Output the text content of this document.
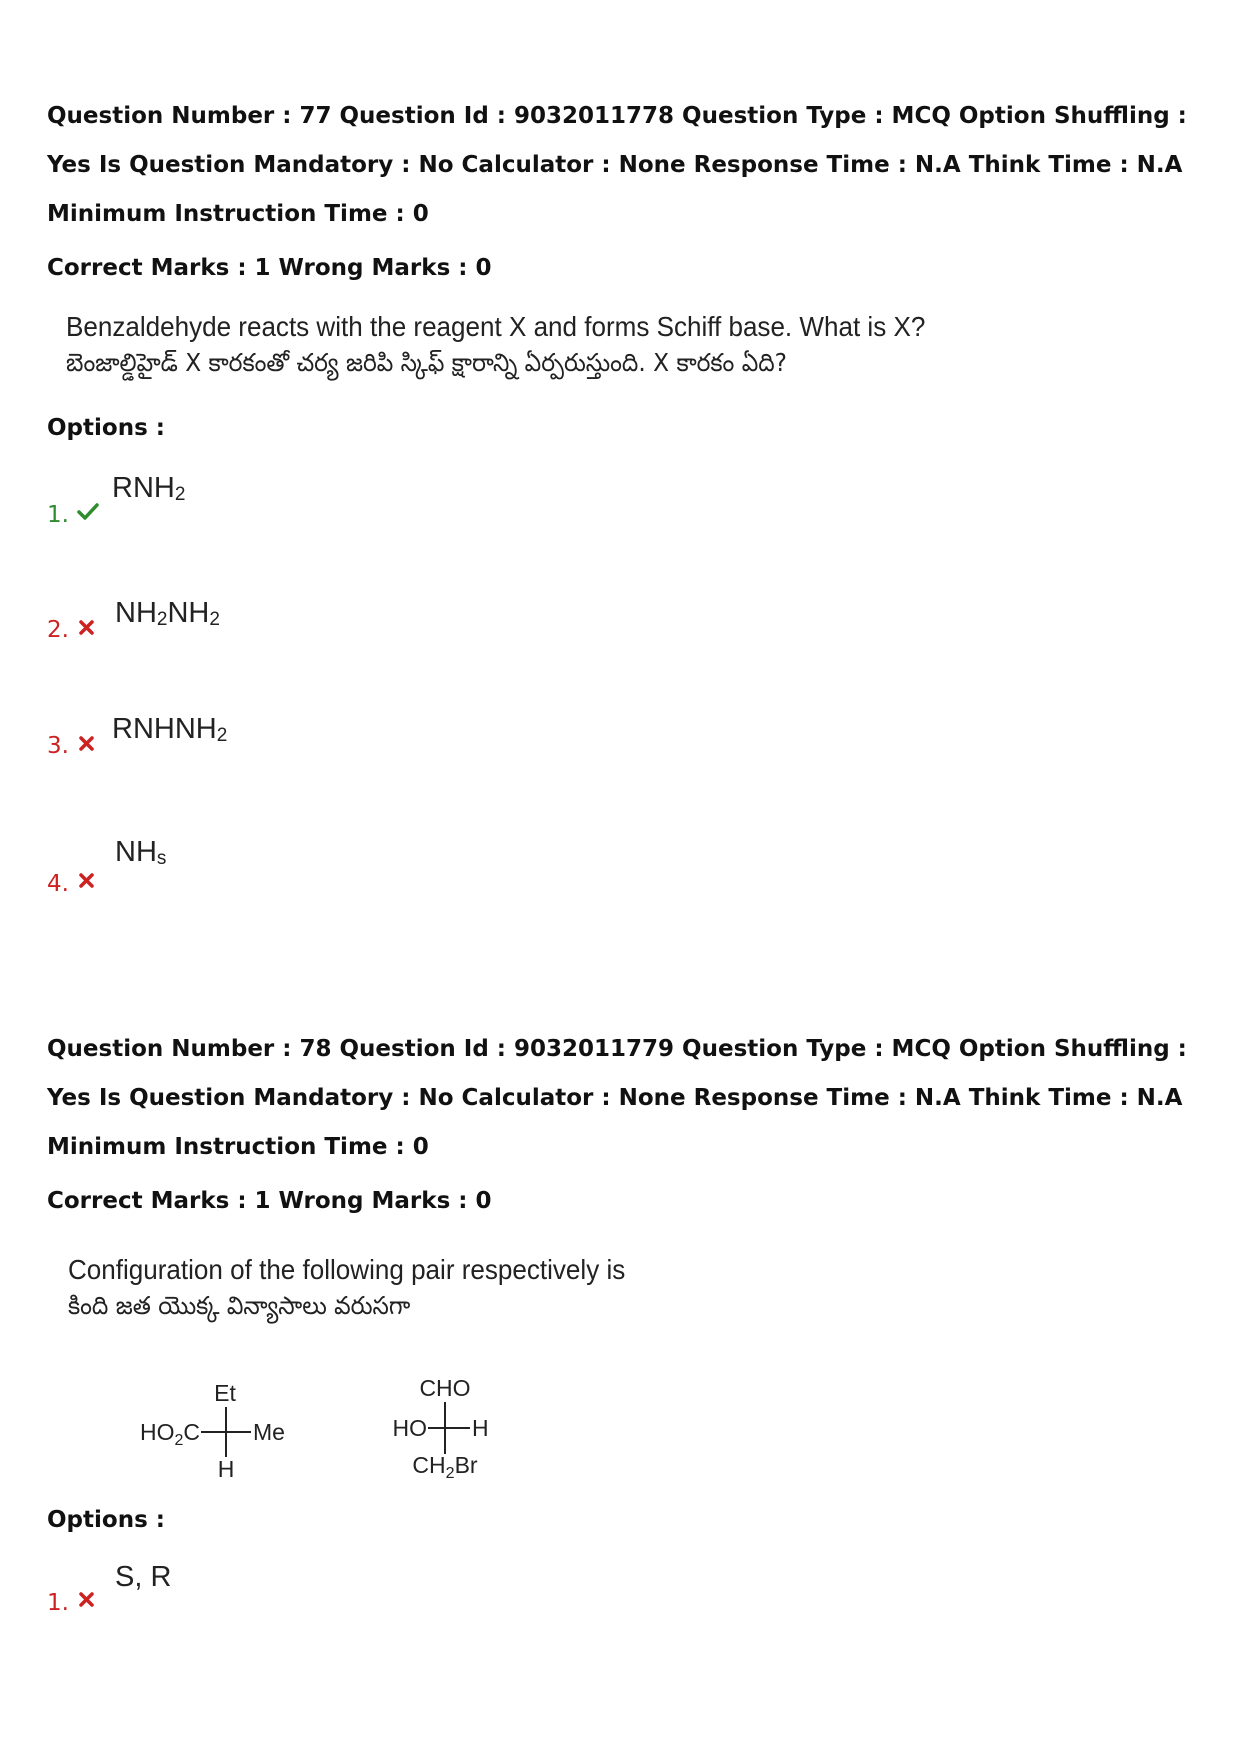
Question Number : 77 Question Id : 9032011778 Question Type : MCQ Option Shuffling : Yes Is Question Mandatory : No Calculator : None Response Time : N.A Think Time : N.A Minimum Instruction Time : 0
Correct Marks : 1 Wrong Marks : 0
Benzaldehyde reacts with the reagent X and forms Schiff base. What is X?
బెంజాల్డిహైడ్ X కారకంతో చర్య జరిపి స్కిఫ్ క్షారాన్ని ఏర్పరుస్తుంది. X కారకం ఏది?
Options :
1.
$RNH_2$
2.
$NH_2NH_2$
3.
$RNHNH_2$
4.
$NH_s$
Question Number : 78 Question Id : 9032011779 Question Type : MCQ Option Shuffling : Yes Is Question Mandatory : No Calculator : None Response Time : N.A Think Time : N.A Minimum Instruction Time : 0
Correct Marks : 1 Wrong Marks : 0
Configuration of the following pair respectively is
కింది జత యొక్క విన్యాసాలు వరుసగా
Et
$HO_2C$ Me
H
CHO
HO H
$CH_2Br$
Options :
1.
S, R
